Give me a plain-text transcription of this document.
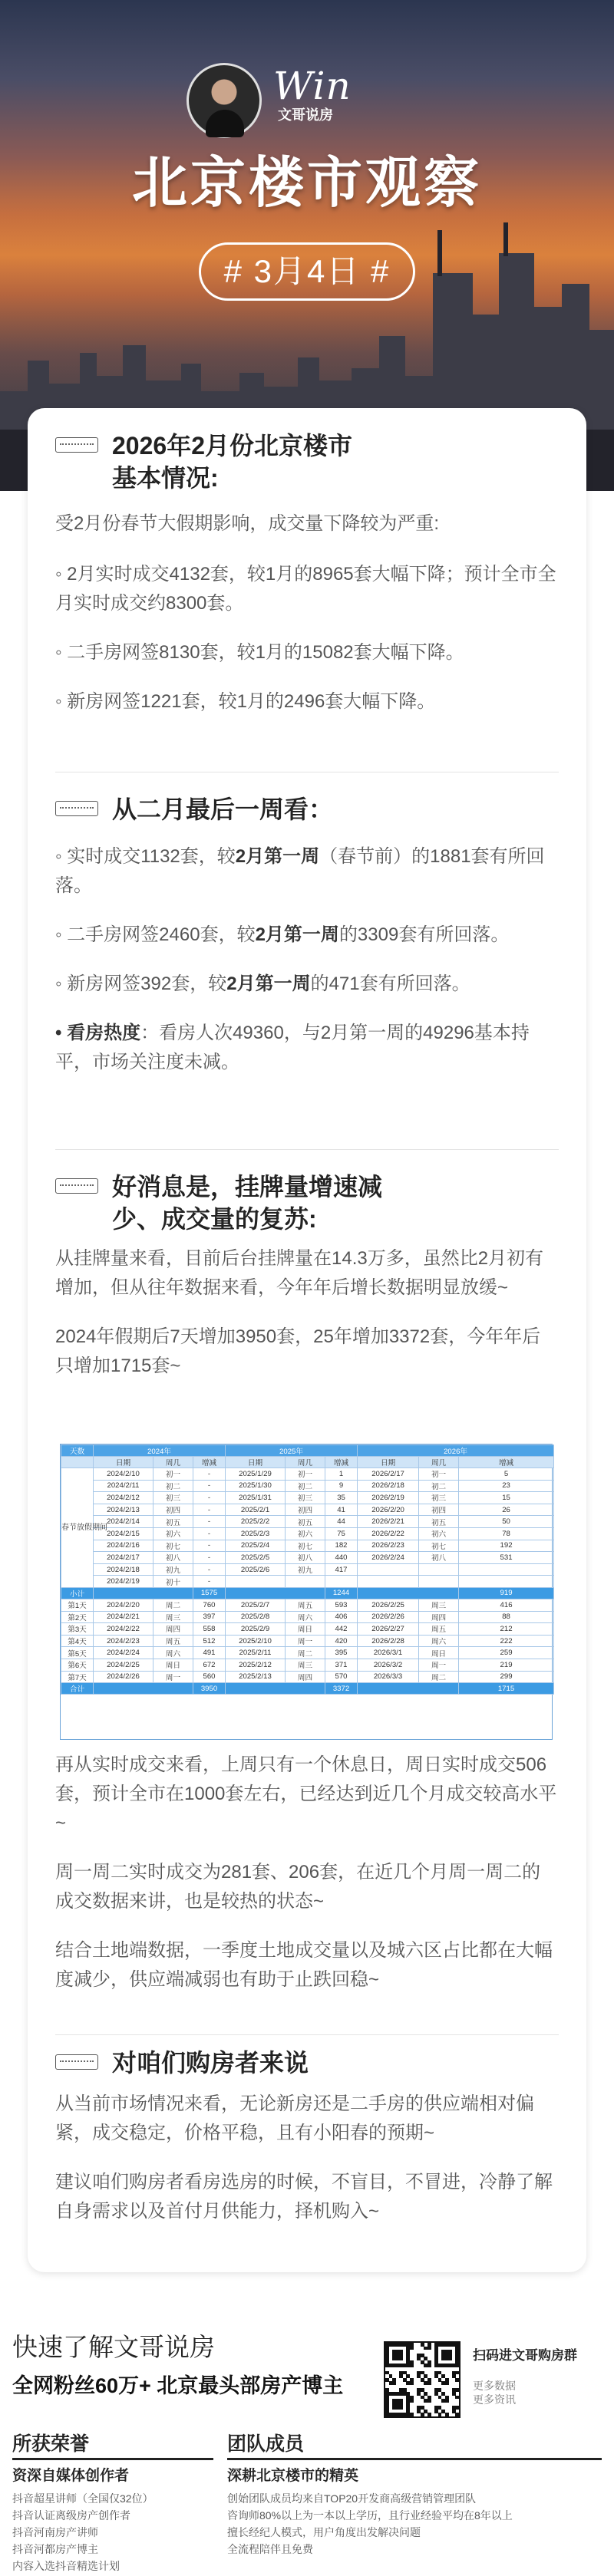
Win
文哥说房
北京楼市观察
# 3月4日 #
2026年2月份北京楼市
基本情况:
受2月份春节大假期影响，成交量下降较为严重:
◦ 2月实时成交4132套，较1月的8965套大幅下降；预计全市全月实时成交约8300套。
◦ 二手房网签8130套，较1月的15082套大幅下降。
◦ 新房网签1221套，较1月的2496套大幅下降。
从二月最后一周看：
◦ 实时成交1132套，较2月第一周（春节前）的1881套有所回落。
◦ 二手房网签2460套，较2月第一周的3309套有所回落。
◦ 新房网签392套，较2月第一周的471套有所回落。
• 看房热度：看房人次49360，与2月第一周的49296基本持平，市场关注度未减。
好消息是，挂牌量增速减
少、成交量的复苏:
从挂牌量来看，目前后台挂牌量在14.3万多，虽然比2月初有增加，但从往年数据来看，今年年后增长数据明显放缓~
2024年假期后7天增加3950套，25年增加3372套，今年年后只增加1715套~
天数	2024年			2025年			2026年		
	日期	周几	增减	日期	周几	增减	日期	周几	增减
春节放假期间	2024/2/10	初一	-	2025/1/29	初一	1	2026/2/17	初一	5
	2024/2/11	初二	-	2025/1/30	初二	9	2026/2/18	初二	23
	2024/2/12	初三	-	2025/1/31	初三	35	2026/2/19	初三	15
	2024/2/13	初四	-	2025/2/1	初四	41	2026/2/20	初四	26
	2024/2/14	初五	-	2025/2/2	初五	44	2026/2/21	初五	50
	2024/2/15	初六	-	2025/2/3	初六	75	2026/2/22	初六	78
	2024/2/16	初七	-	2025/2/4	初七	182	2026/2/23	初七	192
	2024/2/17	初八	-	2025/2/5	初八	440	2026/2/24	初八	531
	2024/2/18	初九	-	2025/2/6	初九	417			
	2024/2/19	初十	-						
小计			1575			1244			919
第1天	2024/2/20	周二	760	2025/2/7	周五	593	2026/2/25	周三	416
第2天	2024/2/21	周三	397	2025/2/8	周六	406	2026/2/26	周四	88
第3天	2024/2/22	周四	558	2025/2/9	周日	442	2026/2/27	周五	212
第4天	2024/2/23	周五	512	2025/2/10	周一	420	2026/2/28	周六	222
第5天	2024/2/24	周六	491	2025/2/11	周二	395	2026/3/1	周日	259
第6天	2024/2/25	周日	672	2025/2/12	周三	371	2026/3/2	周一	219
第7天	2024/2/26	周一	560	2025/2/13	周四	570	2026/3/3	周二	299
合计			3950			3372			1715
再从实时成交来看，上周只有一个休息日，周日实时成交506套，预计全市在1000套左右，已经达到近几个月成交较高水平~
周一周二实时成交为281套、206套，在近几个月周一周二的成交数据来讲，也是较热的状态~
结合土地端数据，一季度土地成交量以及城六区占比都在大幅度减少，供应端减弱也有助于止跌回稳~
对咱们购房者来说
从当前市场情况来看，无论新房还是二手房的供应端相对偏紧，成交稳定，价格平稳，且有小阳春的预期~
建议咱们购房者看房选房的时候，不盲目，不冒进，冷静了解自身需求以及首付月供能力，择机购入~
快速了解文哥说房
全网粉丝60万+ 北京最头部房产博主
扫码进文哥购房群
更多数据
更多资讯
所获荣誉
资深自媒体创作者
抖音超星讲师（全国仅32位）
抖音认证离级房产创作者
抖音河南房产讲师
抖音河都房产博主
内容入选抖音精选计划
团队成员
深耕北京楼市的精英
创始团队成员均来自TOP20开发商高级营销管理团队
咨询师80%以上为一本以上学历，且行业经验平均在8年以上
擅长经纪人模式，用户角度出发解决问题
全流程陪伴且免费
